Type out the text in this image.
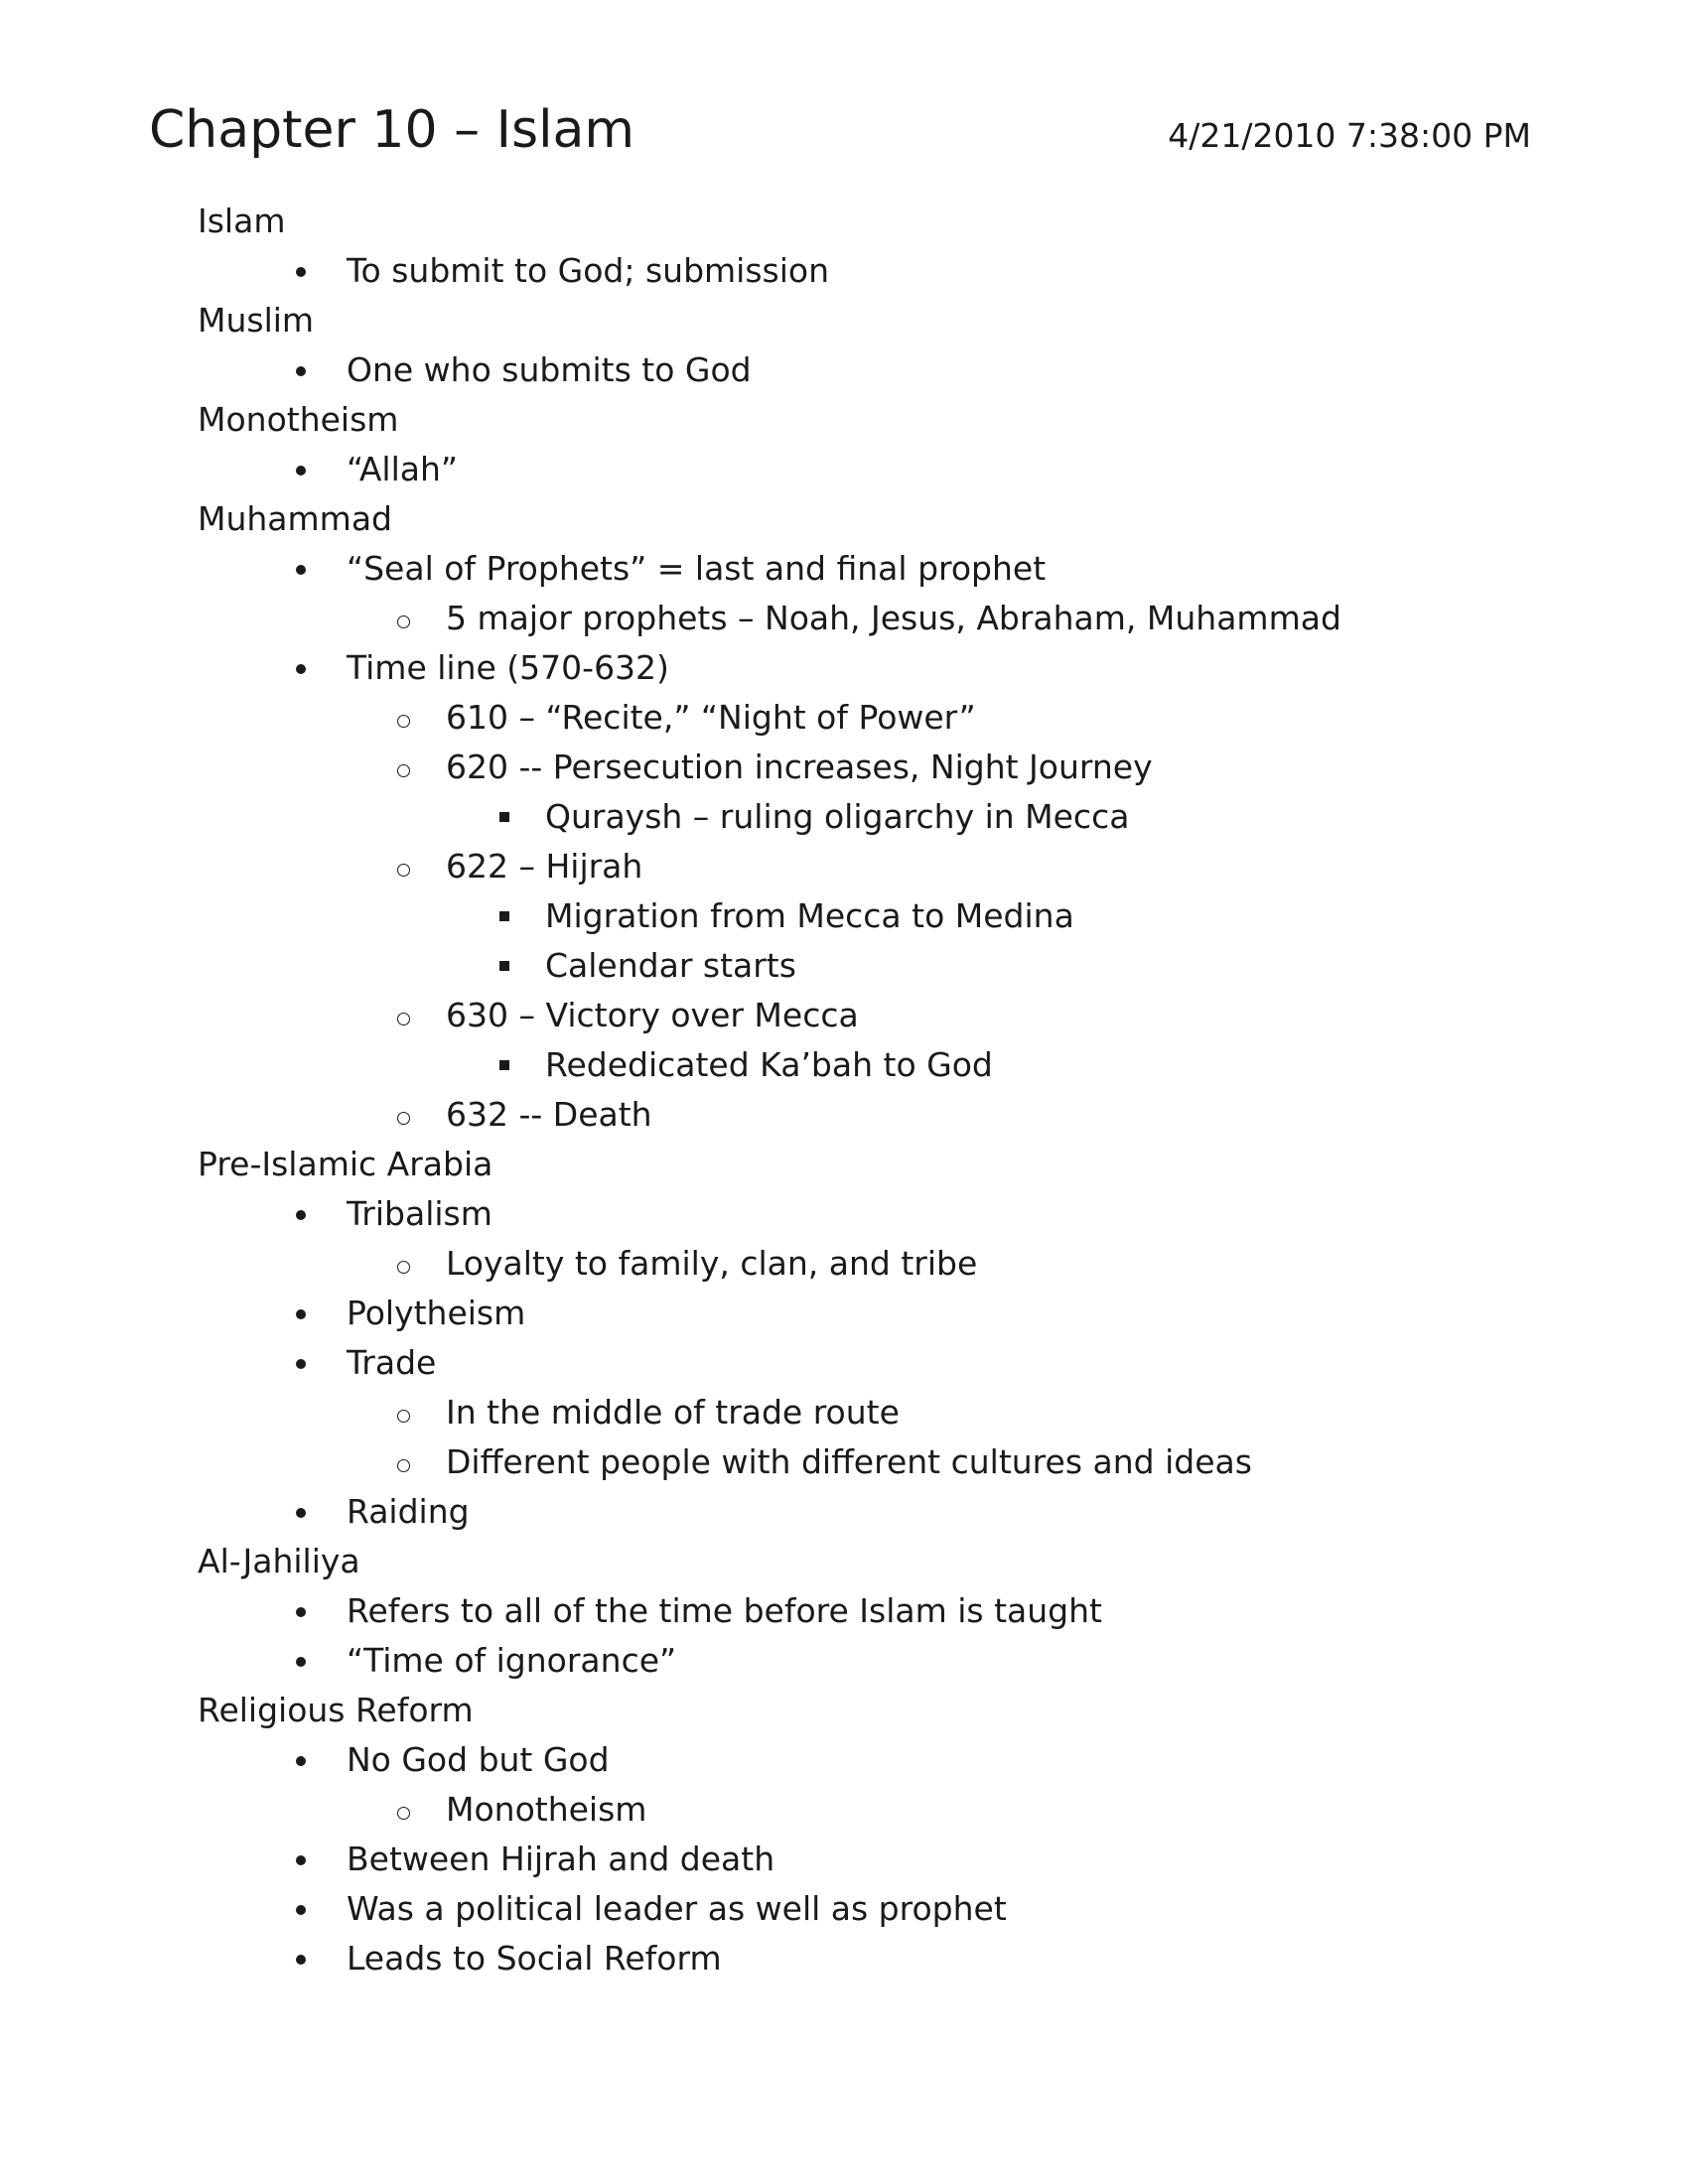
Chapter 10 – Islam	4/21/2010 7:38:00 PM
Islam
To submit to God; submission
Muslim
One who submits to God
Monotheism
“Allah”
Muhammad
“Seal of Prophets” = last and final prophet
5 major prophets – Noah, Jesus, Abraham, Muhammad
Time line (570-632)
610 – “Recite,” “Night of Power”
620 -- Persecution increases, Night Journey
Quraysh – ruling oligarchy in Mecca
622 – Hijrah
Migration from Mecca to Medina
Calendar starts
630 – Victory over Mecca
Rededicated Ka’bah to God
632 -- Death
Pre-Islamic Arabia
Tribalism
Loyalty to family, clan, and tribe
Polytheism
Trade
In the middle of trade route
Different people with different cultures and ideas
Raiding
Al-Jahiliya
Refers to all of the time before Islam is taught
“Time of ignorance”
Religious Reform
No God but God
Monotheism
Between Hijrah and death
Was a political leader as well as prophet
Leads to Social Reform
